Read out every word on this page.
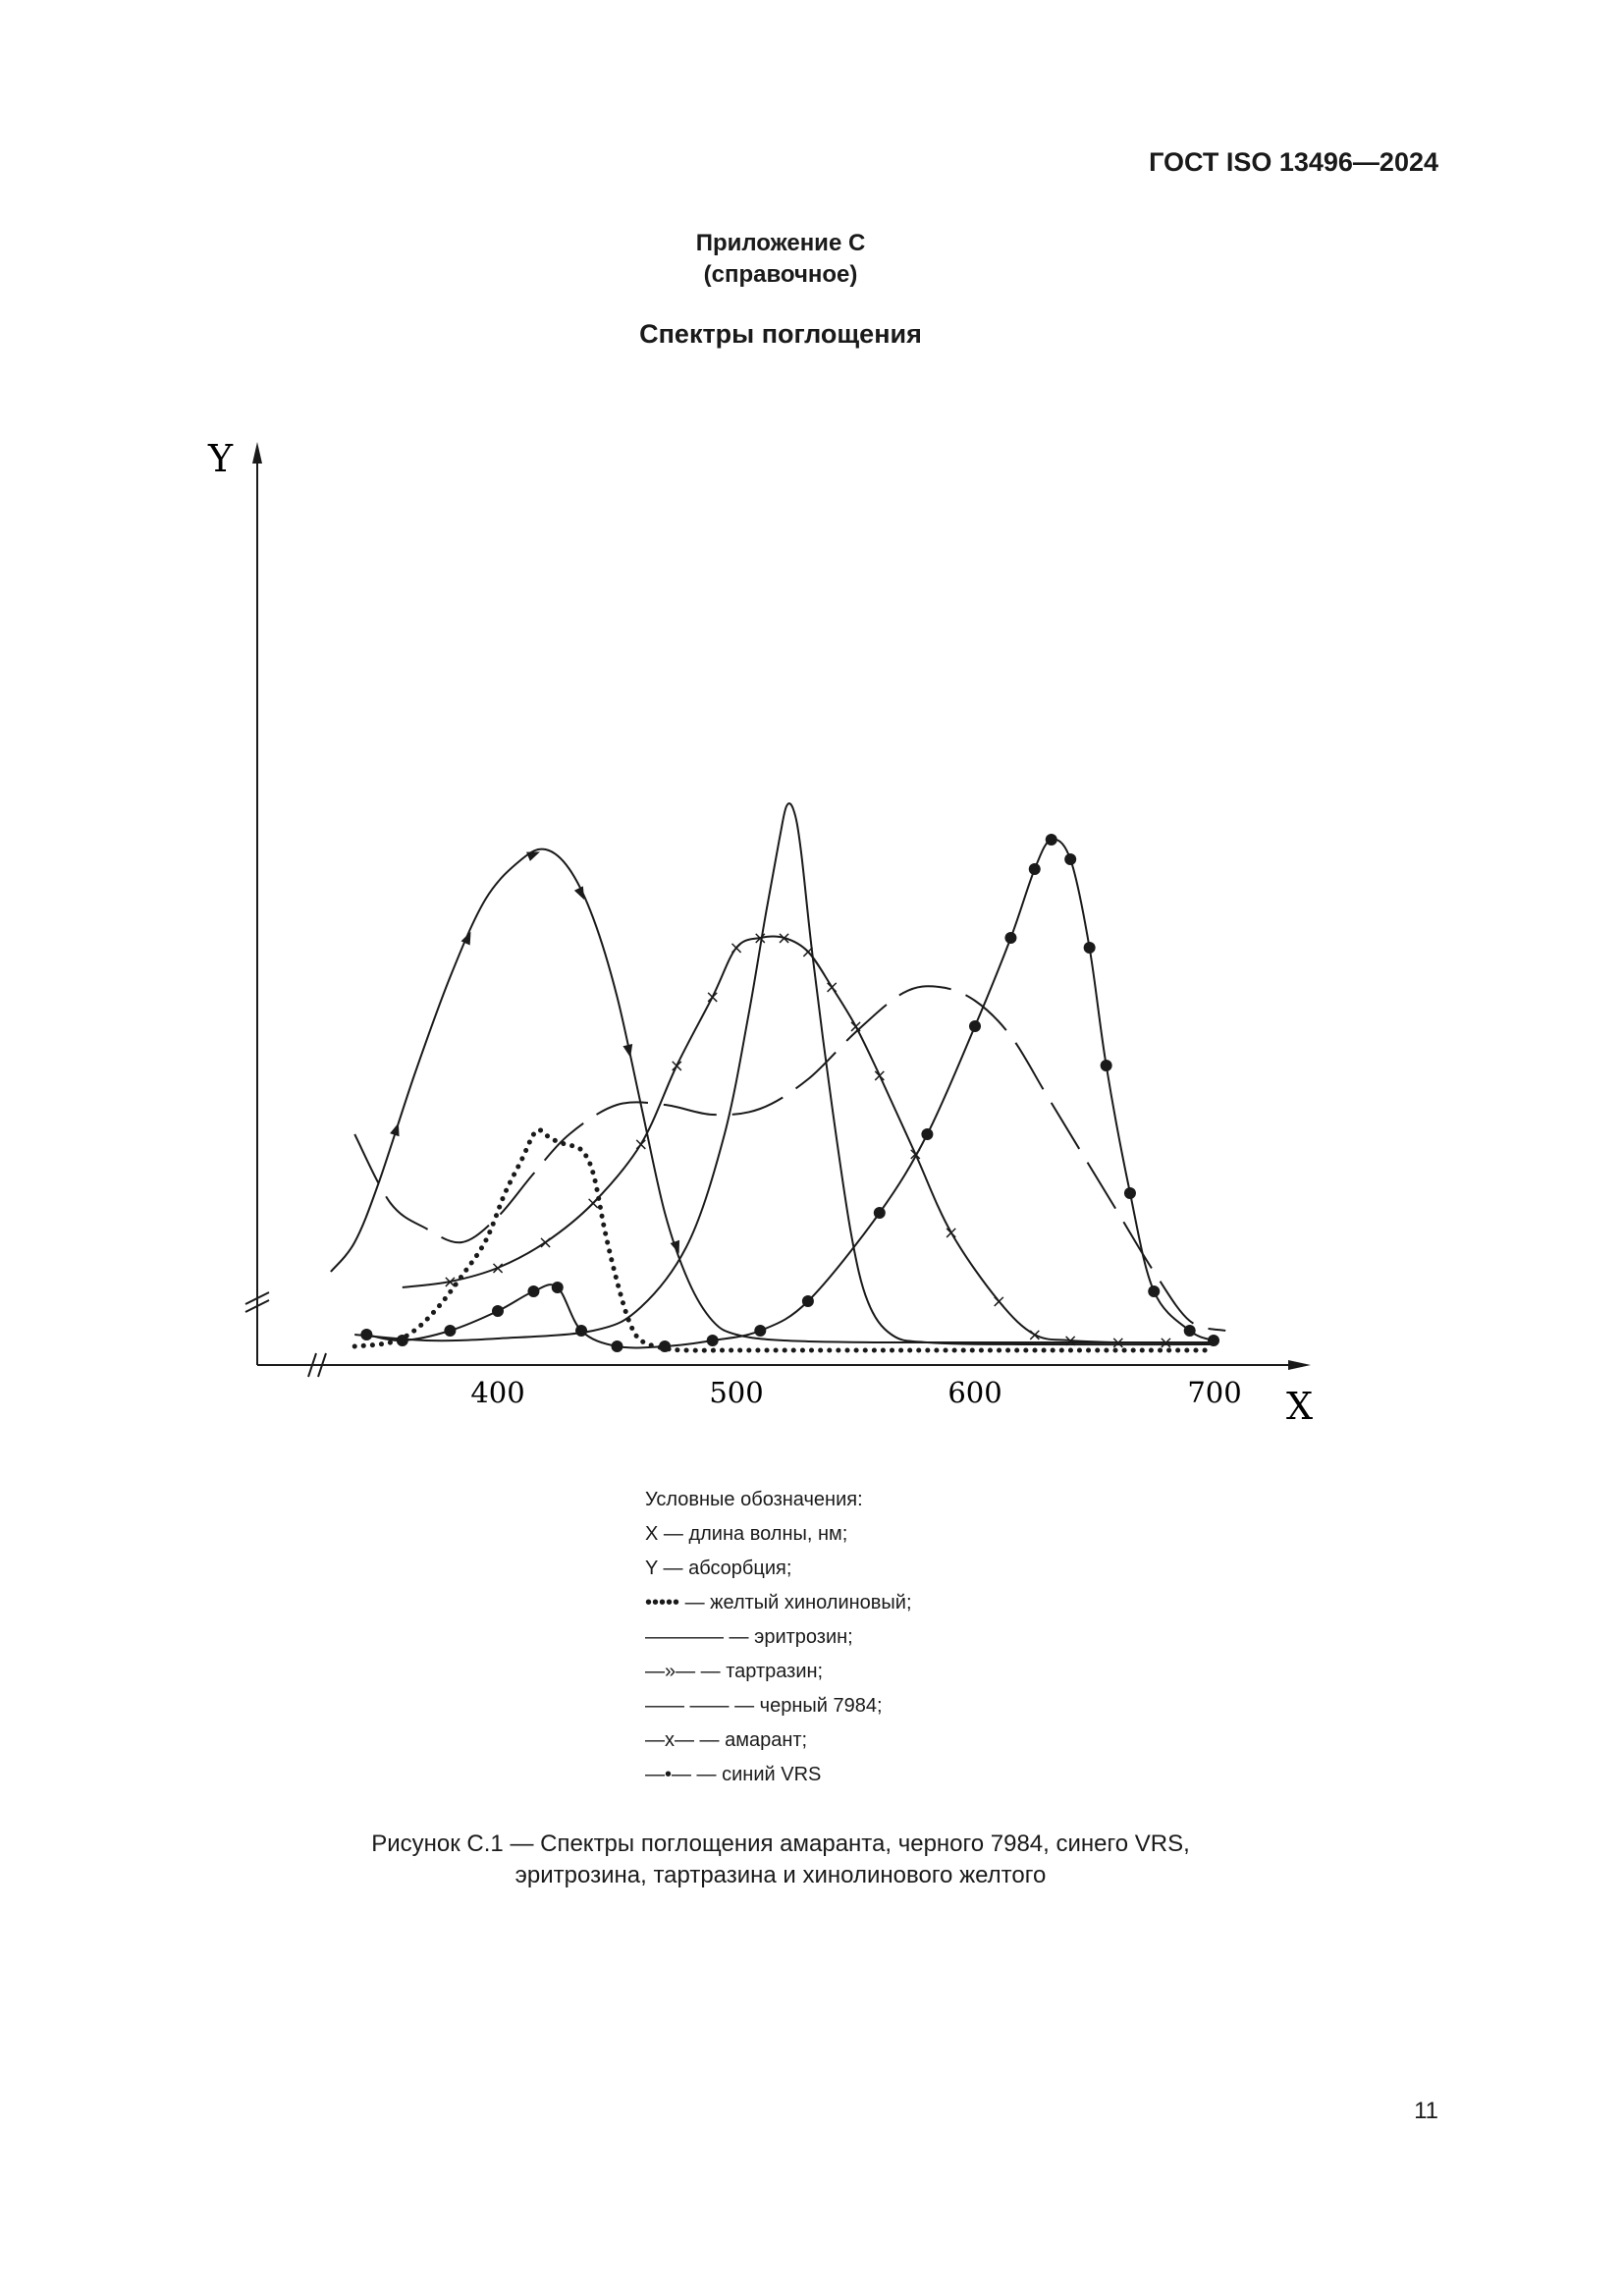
ГОСТ ISO 13496—2024
Приложение С
(справочное)
Спектры поглощения
Y
X
400	500	600	700
×
×
×
×
×
×
×
× × ×
×
×
×
×
×
×
×
× × × ×
Условные обозначения:
X — длина волны, нм;
Y — абсорбция;
••••• — желтый хинолиновый;
———— — эритрозин;
—»— — тартразин;
—— —— — черный 7984;
—x— — амарант;
—•— — синий VRS
Рисунок С.1 — Спектры поглощения амаранта, черного 7984, синего VRS,
эритрозина, тартразина и хинолинового желтого
11
